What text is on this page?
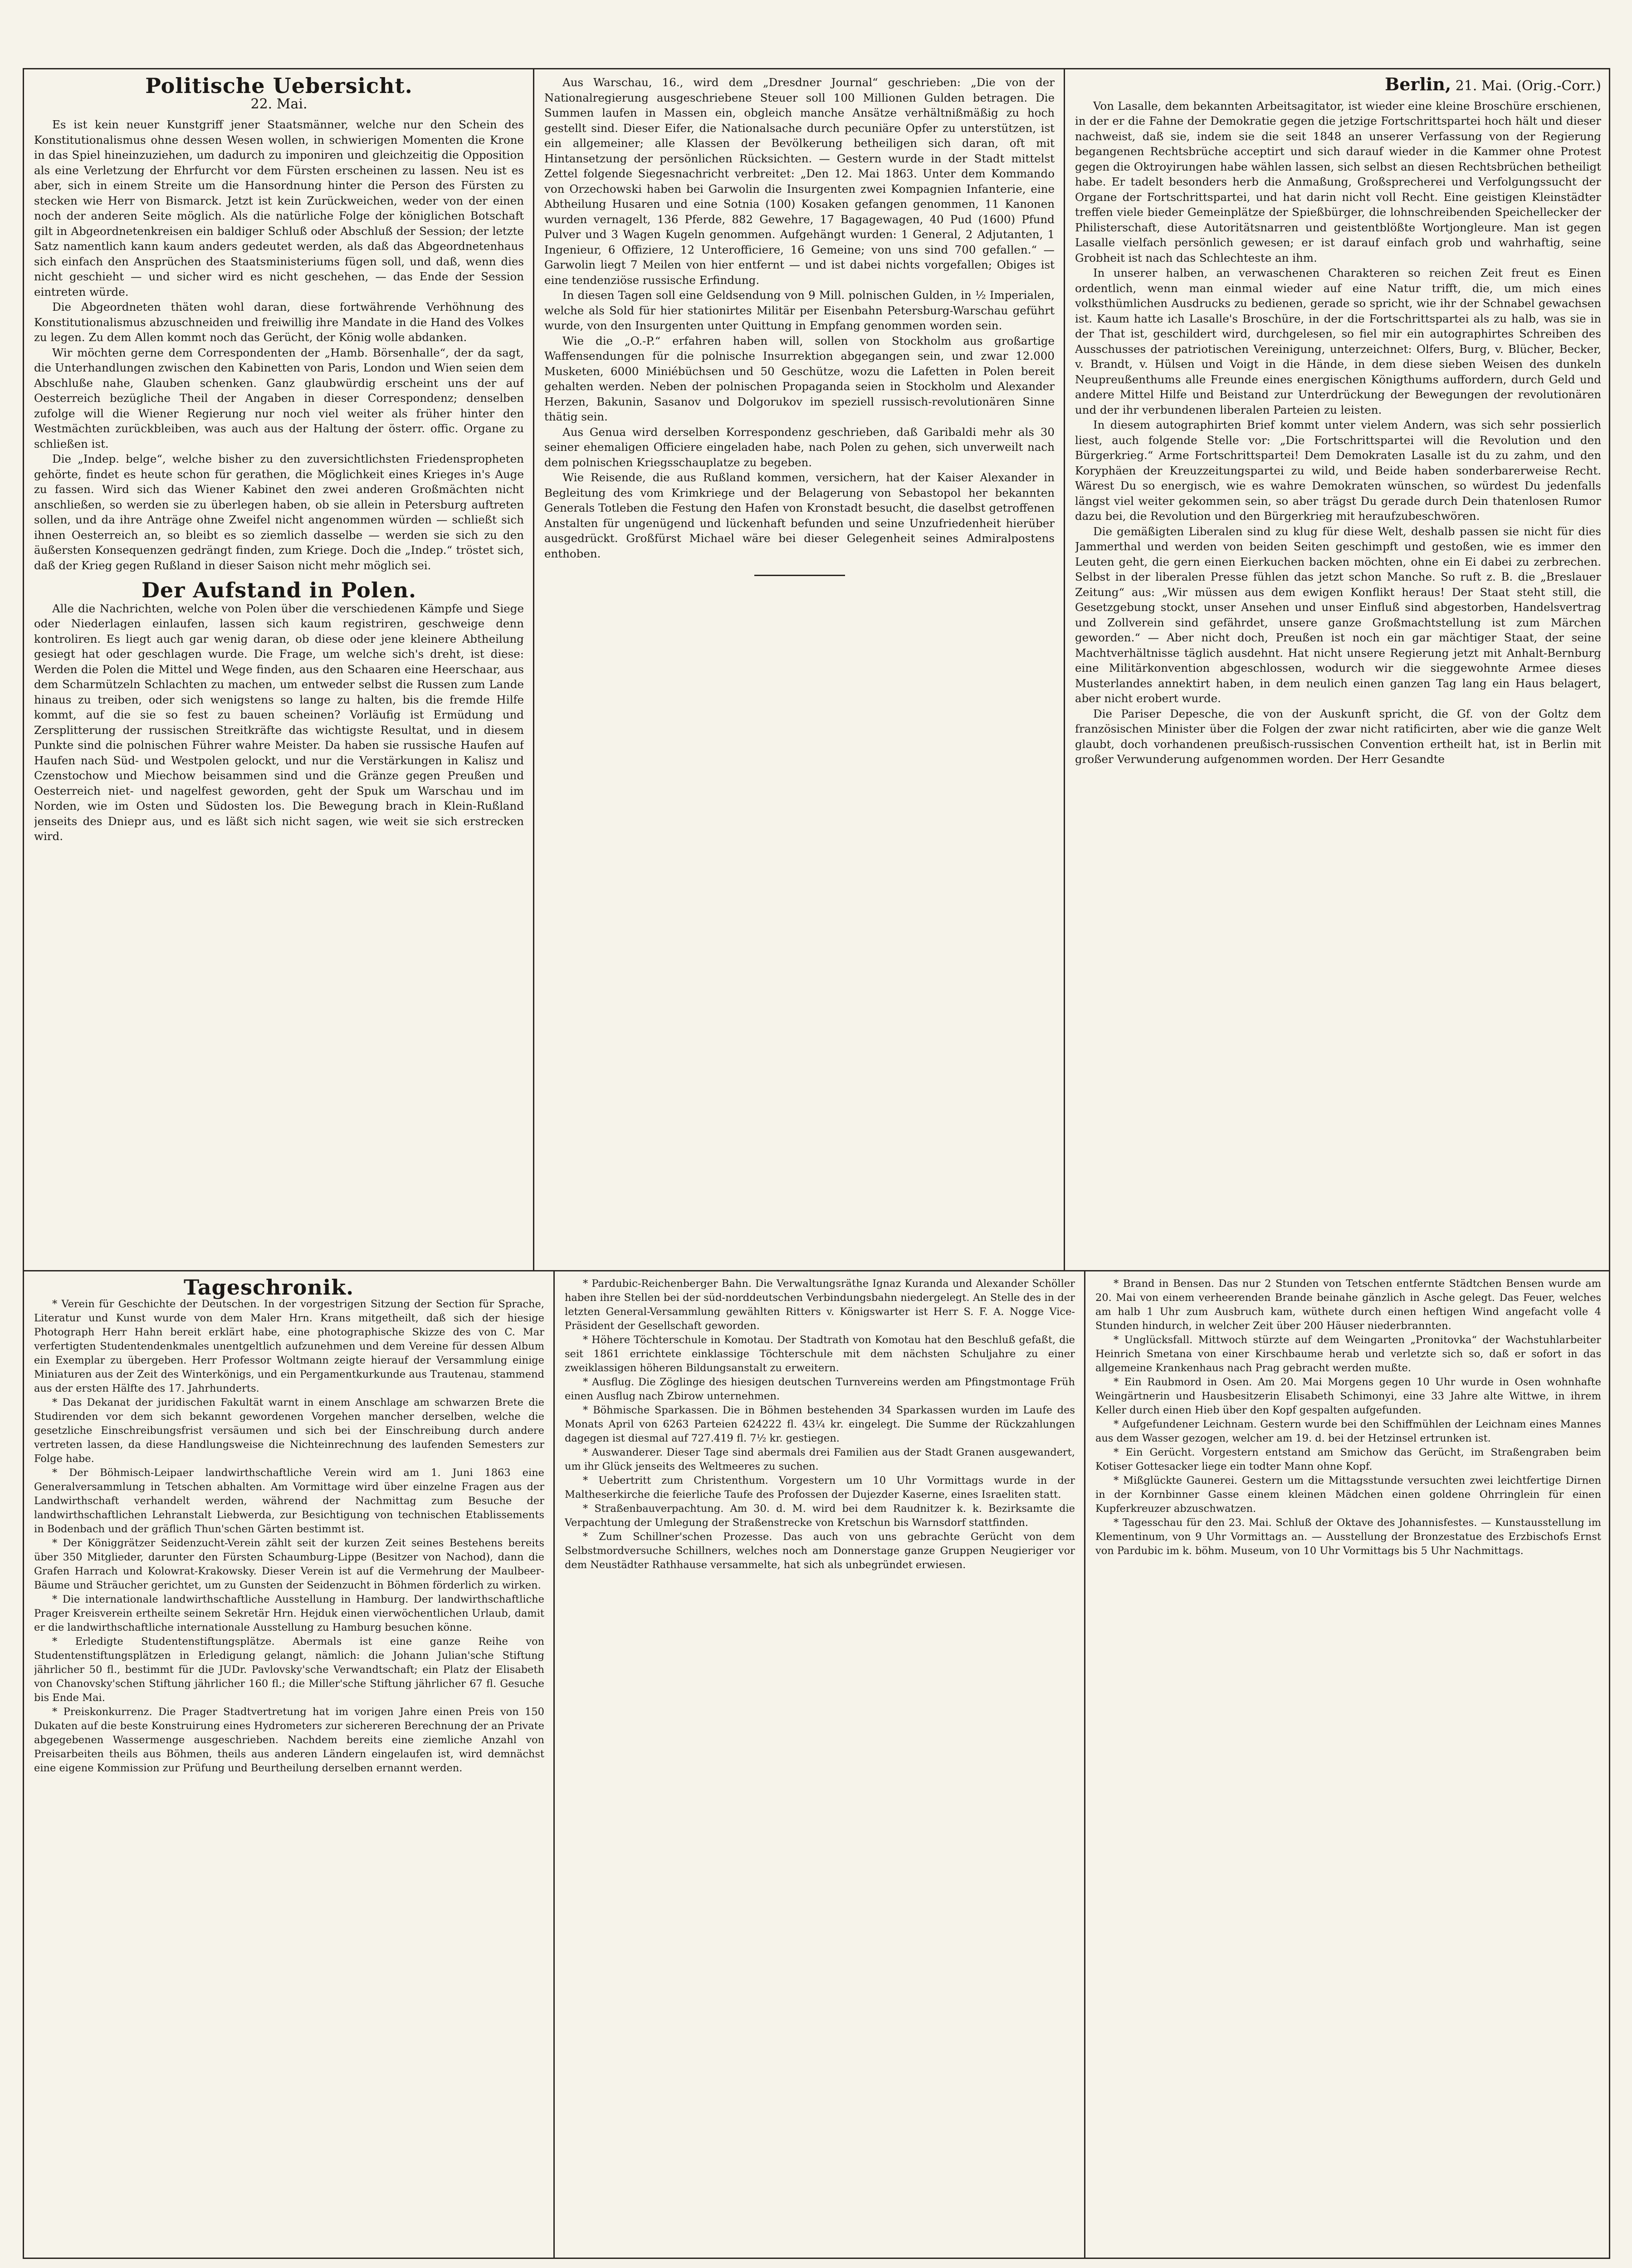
Politische Uebersicht.
22. Mai.

Es ist kein neuer Kunstgriff jener Staatsmänner, welche nur den Schein des Konstitutionalismus ohne dessen Wesen wollen, in schwierigen Momenten die Krone in das Spiel hineinzuziehen, um dadurch zu imponiren und gleichzeitig die Opposition als eine Verletzung der Ehrfurcht vor dem Fürsten erscheinen zu lassen. Neu ist es aber, sich in einem Streite um die Hansordnung hinter die Person des Fürsten zu stecken wie Herr von Bismarck. Jetzt ist kein Zurückweichen, weder von der einen noch der anderen Seite möglich. Als die natürliche Folge der königlichen Botschaft gilt in Abgeordnetenkreisen ein baldiger Schluß oder Abschluß der Session; der letzte Satz namentlich kann kaum anders gedeutet werden, als daß das Abgeordnetenhaus sich einfach den Ansprüchen des Staatsministeriums fügen soll, und daß, wenn dies nicht geschieht — und sicher wird es nicht geschehen, — das Ende der Session eintreten würde.

Die Abgeordneten thäten wohl daran, diese fortwährende Verhöhnung des Konstitutionalismus abzuschneiden und freiwillig ihre Mandate in die Hand des Volkes zu legen. Zu dem Allen kommt noch das Gerücht, der König wolle abdanken.

Wir möchten gerne dem Correspondenten der „Hamb. Börsenhalle“, der da sagt, die Unterhandlungen zwischen den Kabinetten von Paris, London und Wien seien dem Abschluße nahe, Glauben schenken. Ganz glaubwürdig erscheint uns der auf Oesterreich bezügliche Theil der Angaben in dieser Correspondenz; denselben zufolge will die Wiener Regierung nur noch viel weiter als früher hinter den Westmächten zurückbleiben, was auch aus der Haltung der österr. offic. Organe zu schließen ist.

Die „Indep. belge“, welche bisher zu den zuversichtlichsten Friedenspropheten gehörte, findet es heute schon für gerathen, die Möglichkeit eines Krieges in's Auge zu fassen. Wird sich das Wiener Kabinet den zwei anderen Großmächten nicht anschließen, so werden sie zu überlegen haben, ob sie allein in Petersburg auftreten sollen, und da ihre Anträge ohne Zweifel nicht angenommen würden — schließt sich ihnen Oesterreich an, so bleibt es so ziemlich dasselbe — werden sie sich zu den äußersten Konsequenzen gedrängt finden, zum Kriege. Doch die „Indep.“ tröstet sich, daß der Krieg gegen Rußland in dieser Saison nicht mehr möglich sei.

Der Aufstand in Polen.

Alle die Nachrichten, welche von Polen über die verschiedenen Kämpfe und Siege oder Niederlagen einlaufen, lassen sich kaum registriren, geschweige denn kontroliren. Es liegt auch gar wenig daran, ob diese oder jene kleinere Abtheilung gesiegt hat oder geschlagen wurde. Die Frage, um welche sich's dreht, ist diese: Werden die Polen die Mittel und Wege finden, aus den Schaaren eine Heerschaar, aus dem Scharmützeln Schlachten zu machen, um entweder selbst die Russen zum Lande hinaus zu treiben, oder sich wenigstens so lange zu halten, bis die fremde Hilfe kommt, auf die sie so fest zu bauen scheinen? Vorläufig ist Ermüdung und Zersplitterung der russischen Streitkräfte das wichtigste Resultat, und in diesem Punkte sind die polnischen Führer wahre Meister. Da haben sie russische Haufen auf Haufen nach Süd- und Westpolen gelockt, und nur die Verstärkungen in Kalisz und Czenstochow und Miechow beisammen sind und die Gränze gegen Preußen und Oesterreich niet- und nagelfest geworden, geht der Spuk um Warschau und im Norden, wie im Osten und Südosten los. Die Bewegung brach in Klein-Rußland jenseits des Dniepr aus, und es läßt sich nicht sagen, wie weit sie sich erstrecken wird.

Aus Warschau, 16., wird dem „Dresdner Journal“ geschrieben: „Die von der Nationalregierung ausgeschriebene Steuer soll 100 Millionen Gulden betragen. Die Summen laufen in Massen ein, obgleich manche Ansätze verhältnißmäßig zu hoch gestellt sind. Dieser Eifer, die Nationalsache durch pecuniäre Opfer zu unterstützen, ist ein allgemeiner; alle Klassen der Bevölkerung betheiligen sich daran, oft mit Hintansetzung der persönlichen Rücksichten. — Gestern wurde in der Stadt mittelst Zettel folgende Siegesnachricht verbreitet: „Den 12. Mai 1863. Unter dem Kommando von Orzechowski haben bei Garwolin die Insurgenten zwei Kompagnien Infanterie, eine Abtheilung Husaren und eine Sotnia (100) Kosaken gefangen genommen, 11 Kanonen wurden vernagelt, 136 Pferde, 882 Gewehre, 17 Bagagewagen, 40 Pud (1600) Pfund Pulver und 3 Wagen Kugeln genommen. Aufgehängt wurden: 1 General, 2 Adjutanten, 1 Ingenieur, 6 Offiziere, 12 Unterofficiere, 16 Gemeine; von uns sind 700 gefallen.“ — Garwolin liegt 7 Meilen von hier entfernt — und ist dabei nichts vorgefallen; Obiges ist eine tendenziöse russische Erfindung.

In diesen Tagen soll eine Geldsendung von 9 Mill. polnischen Gulden, in ½ Imperialen, welche als Sold für hier stationirtes Militär per Eisenbahn Petersburg-Warschau geführt wurde, von den Insurgenten unter Quittung in Empfang genommen worden sein.

Wie die „O.-P.“ erfahren haben will, sollen von Stockholm aus großartige Waffensendungen für die polnische Insurrektion abgegangen sein, und zwar 12.000 Musketen, 6000 Miniébüchsen und 50 Geschütze, wozu die Lafetten in Polen bereit gehalten werden. Neben der polnischen Propaganda seien in Stockholm und Alexander Herzen, Bakunin, Sasanov und Dolgorukov im speziell russisch-revolutionären Sinne thätig sein.

Aus Genua wird derselben Korrespondenz geschrieben, daß Garibaldi mehr als 30 seiner ehemaligen Officiere eingeladen habe, nach Polen zu gehen, sich unverweilt nach dem polnischen Kriegsschauplatze zu begeben.

Wie Reisende, die aus Rußland kommen, versichern, hat der Kaiser Alexander in Begleitung des vom Krimkriege und der Belagerung von Sebastopol her bekannten Generals Totleben die Festung den Hafen von Kronstadt besucht, die daselbst getroffenen Anstalten für ungenügend und lückenhaft befunden und seine Unzufriedenheit hierüber ausgedrückt. Großfürst Michael wäre bei dieser Gelegenheit seines Admiralpostens enthoben.

Berlin, 21. Mai. (Orig.-Corr.)

Von Lasalle, dem bekannten Arbeitsagitator, ist wieder eine kleine Broschüre erschienen, in der er die Fahne der Demokratie gegen die jetzige Fortschrittspartei hoch hält und dieser nachweist, daß sie, indem sie die seit 1848 an unserer Verfassung von der Regierung begangenen Rechtsbrüche acceptirt und sich darauf wieder in die Kammer ohne Protest gegen die Oktroyirungen habe wählen lassen, sich selbst an diesen Rechtsbrüchen betheiligt habe. Er tadelt besonders herb die Anmaßung, Großsprecherei und Verfolgungssucht der Organe der Fortschrittspartei, und hat darin nicht voll Recht. Eine geistigen Kleinstädter treffen viele bieder Gemeinplätze der Spießbürger, die lohnschreibenden Speichellecker der Philisterschaft, diese Autoritätsnarren und geistentblößte Wortjongleure. Man ist gegen Lasalle vielfach persönlich gewesen; er ist darauf einfach grob und wahrhaftig, seine Grobheit ist nach das Schlechteste an ihm.

In unserer halben, an verwaschenen Charakteren so reichen Zeit freut es Einen ordentlich, wenn man einmal wieder auf eine Natur trifft, die, um mich eines volksthümlichen Ausdrucks zu bedienen, gerade so spricht, wie ihr der Schnabel gewachsen ist. Kaum hatte ich Lasalle's Broschüre, in der die Fortschrittspartei als zu halb, was sie in der That ist, geschildert wird, durchgelesen, so fiel mir ein autographirtes Schreiben des Ausschusses der patriotischen Vereinigung, unterzeichnet: Olfers, Burg, v. Blücher, Becker, v. Brandt, v. Hülsen und Voigt in die Hände, in dem diese sieben Weisen des dunkeln Neupreußenthums alle Freunde eines energischen Königthums auffordern, durch Geld und andere Mittel Hilfe und Beistand zur Unterdrückung der Bewegungen der revolutionären und der ihr verbundenen liberalen Parteien zu leisten.

In diesem autographirten Brief kommt unter vielem Andern, was sich sehr possierlich liest, auch folgende Stelle vor: „Die Fortschrittspartei will die Revolution und den Bürgerkrieg.“ Arme Fortschrittspartei! Dem Demokraten Lasalle ist du zu zahm, und den Koryphäen der Kreuzzeitungspartei zu wild, und Beide haben sonderbarerweise Recht. Wärest Du so energisch, wie es wahre Demokraten wünschen, so würdest Du jedenfalls längst viel weiter gekommen sein, so aber trägst Du gerade durch Dein thatenlosen Rumor dazu bei, die Revolution und den Bürgerkrieg mit heraufzubeschwören.

Die gemäßigten Liberalen sind zu klug für diese Welt, deshalb passen sie nicht für dies Jammerthal und werden von beiden Seiten geschimpft und gestoßen, wie es immer den Leuten geht, die gern einen Eierkuchen backen möchten, ohne ein Ei dabei zu zerbrechen. Selbst in der liberalen Presse fühlen das jetzt schon Manche. So ruft z. B. die „Breslauer Zeitung“ aus: „Wir müssen aus dem ewigen Konflikt heraus! Der Staat steht still, die Gesetzgebung stockt, unser Ansehen und unser Einfluß sind abgestorben, Handelsvertrag und Zollverein sind gefährdet, unsere ganze Großmachtstellung ist zum Märchen geworden.“ — Aber nicht doch, Preußen ist noch ein gar mächtiger Staat, der seine Machtverhältnisse täglich ausdehnt. Hat nicht unsere Regierung jetzt mit Anhalt-Bernburg eine Militärkonvention abgeschlossen, wodurch wir die sieggewohnte Armee dieses Musterlandes annektirt haben, in dem neulich einen ganzen Tag lang ein Haus belagert, aber nicht erobert wurde.

Die Pariser Depesche, die von der Auskunft spricht, die Gf. von der Goltz dem französischen Minister über die Folgen der zwar nicht ratificirten, aber wie die ganze Welt glaubt, doch vorhandenen preußisch-russischen Convention ertheilt hat, ist in Berlin mit großer Verwunderung aufgenommen worden. Der Herr Gesandte

Tageschronik.

* Verein für Geschichte der Deutschen. In der vorgestrigen Sitzung der Section für Sprache, Literatur und Kunst wurde von dem Maler Hrn. Krans mitgetheilt, daß sich der hiesige Photograph Herr Hahn bereit erklärt habe, eine photographische Skizze des von C. Mar verfertigten Studentendenkmales unentgeltlich aufzunehmen und dem Vereine für dessen Album ein Exemplar zu übergeben. Herr Professor Woltmann zeigte hierauf der Versammlung einige Miniaturen aus der Zeit des Winterkönigs, und ein Pergamentkurkunde aus Trautenau, stammend aus der ersten Hälfte des 17. Jahrhunderts.

* Das Dekanat der juridischen Fakultät warnt in einem Anschlage am schwarzen Brete die Studirenden vor dem sich bekannt gewordenen Vorgehen mancher derselben, welche die gesetzliche Einschreibungsfrist versäumen und sich bei der Einschreibung durch andere vertreten lassen, da diese Handlungsweise die Nichteinrechnung des laufenden Semesters zur Folge habe.

* Der Böhmisch-Leipaer landwirthschaftliche Verein wird am 1. Juni 1863 eine Generalversammlung in Tetschen abhalten. Am Vormittage wird über einzelne Fragen aus der Landwirthschaft verhandelt werden, während der Nachmittag zum Besuche der landwirthschaftlichen Lehranstalt Liebwerda, zur Besichtigung von technischen Etablissements in Bodenbach und der gräflich Thun'schen Gärten bestimmt ist.

* Der Königgrätzer Seidenzucht-Verein zählt seit der kurzen Zeit seines Bestehens bereits über 350 Mitglieder, darunter den Fürsten Schaumburg-Lippe (Besitzer von Nachod), dann die Grafen Harrach und Kolowrat-Krakowsky. Dieser Verein ist auf die Vermehrung der Maulbeer-Bäume und Sträucher gerichtet, um zu Gunsten der Seidenzucht in Böhmen förderlich zu wirken.

* Die internationale landwirthschaftliche Ausstellung in Hamburg. Der landwirthschaftliche Prager Kreisverein ertheilte seinem Sekretär Hrn. Hejduk einen vierwöchentlichen Urlaub, damit er die landwirthschaftliche internationale Ausstellung zu Hamburg besuchen könne.

* Erledigte Studentenstiftungsplätze. Abermals ist eine ganze Reihe von Studentenstiftungsplätzen in Erledigung gelangt, nämlich: die Johann Julian'sche Stiftung jährlicher 50 fl., bestimmt für die JUDr. Pavlovsky'sche Verwandtschaft; ein Platz der Elisabeth von Chanovsky'schen Stiftung jährlicher 160 fl.; die Miller'sche Stiftung jährlicher 67 fl. Gesuche bis Ende Mai.

* Preiskonkurrenz. Die Prager Stadtvertretung hat im vorigen Jahre einen Preis von 150 Dukaten auf die beste Konstruirung eines Hydrometers zur sichereren Berechnung der an Private abgegebenen Wassermenge ausgeschrieben. Nachdem bereits eine ziemliche Anzahl von Preisarbeiten theils aus Böhmen, theils aus anderen Ländern eingelaufen ist, wird demnächst eine eigene Kommission zur Prüfung und Beurtheilung derselben ernannt werden.

* Pardubic-Reichenberger Bahn. Die Verwaltungsräthe Ignaz Kuranda und Alexander Schöller haben ihre Stellen bei der süd-norddeutschen Verbindungsbahn niedergelegt. An Stelle des in der letzten General-Versammlung gewählten Ritters v. Königswarter ist Herr S. F. A. Nogge Vice-Präsident der Gesellschaft geworden.

* Höhere Töchterschule in Komotau. Der Stadtrath von Komotau hat den Beschluß gefaßt, die seit 1861 errichtete einklassige Töchterschule mit dem nächsten Schuljahre zu einer zweiklassigen höheren Bildungsanstalt zu erweitern.

* Ausflug. Die Zöglinge des hiesigen deutschen Turnvereins werden am Pfingstmontage Früh einen Ausflug nach Zbirow unternehmen.

* Böhmische Sparkassen. Die in Böhmen bestehenden 34 Sparkassen wurden im Laufe des Monats April von 6263 Parteien 624222 fl. 43¼ kr. eingelegt. Die Summe der Rückzahlungen dagegen ist diesmal auf 727.419 fl. 7½ kr. gestiegen.

* Auswanderer. Dieser Tage sind abermals drei Familien aus der Stadt Granen ausgewandert, um ihr Glück jenseits des Weltmeeres zu suchen.

* Uebertritt zum Christenthum. Vorgestern um 10 Uhr Vormittags wurde in der Maltheserkirche die feierliche Taufe des Profossen der Dujezder Kaserne, eines Israeliten statt.

* Straßenbauverpachtung. Am 30. d. M. wird bei dem Raudnitzer k. k. Bezirksamte die Verpachtung der Umlegung der Straßenstrecke von Kretschun bis Warnsdorf stattfinden.

* Zum Schillner'schen Prozesse. Das auch von uns gebrachte Gerücht von dem Selbstmordversuche Schillners, welches noch am Donnerstage ganze Gruppen Neugieriger vor dem Neustädter Rathhause versammelte, hat sich als unbegründet erwiesen.

* Brand in Bensen. Das nur 2 Stunden von Tetschen entfernte Städtchen Bensen wurde am 20. Mai von einem verheerenden Brande beinahe gänzlich in Asche gelegt. Das Feuer, welches am halb 1 Uhr zum Ausbruch kam, wüthete durch einen heftigen Wind angefacht volle 4 Stunden hindurch, in welcher Zeit über 200 Häuser niederbrannten.

* Unglücksfall. Mittwoch stürzte auf dem Weingarten „Pronitovka“ der Wachstuhlarbeiter Heinrich Smetana von einer Kirschbaume herab und verletzte sich so, daß er sofort in das allgemeine Krankenhaus nach Prag gebracht werden mußte.

* Ein Raubmord in Osen. Am 20. Mai Morgens gegen 10 Uhr wurde in Osen wohnhafte Weingärtnerin und Hausbesitzerin Elisabeth Schimonyi, eine 33 Jahre alte Wittwe, in ihrem Keller durch einen Hieb über den Kopf gespalten aufgefunden.

* Aufgefundener Leichnam. Gestern wurde bei den Schiffmühlen der Leichnam eines Mannes aus dem Wasser gezogen, welcher am 19. d. bei der Hetzinsel ertrunken ist.

* Ein Gerücht. Vorgestern entstand am Smichow das Gerücht, im Straßengraben beim Kotiser Gottesacker liege ein todter Mann ohne Kopf.

* Mißglückte Gaunerei. Gestern um die Mittagsstunde versuchten zwei leichtfertige Dirnen in der Kornbinner Gasse einem kleinen Mädchen einen goldene Ohrringlein für einen Kupferkreuzer abzuschwatzen.

* Tagesschau für den 23. Mai. Schluß der Oktave des Johannisfestes. — Kunstausstellung im Klementinum, von 9 Uhr Vormittags an. — Ausstellung der Bronzestatue des Erzbischofs Ernst von Pardubic im k. böhm. Museum, von 10 Uhr Vormittags bis 5 Uhr Nachmittags.
